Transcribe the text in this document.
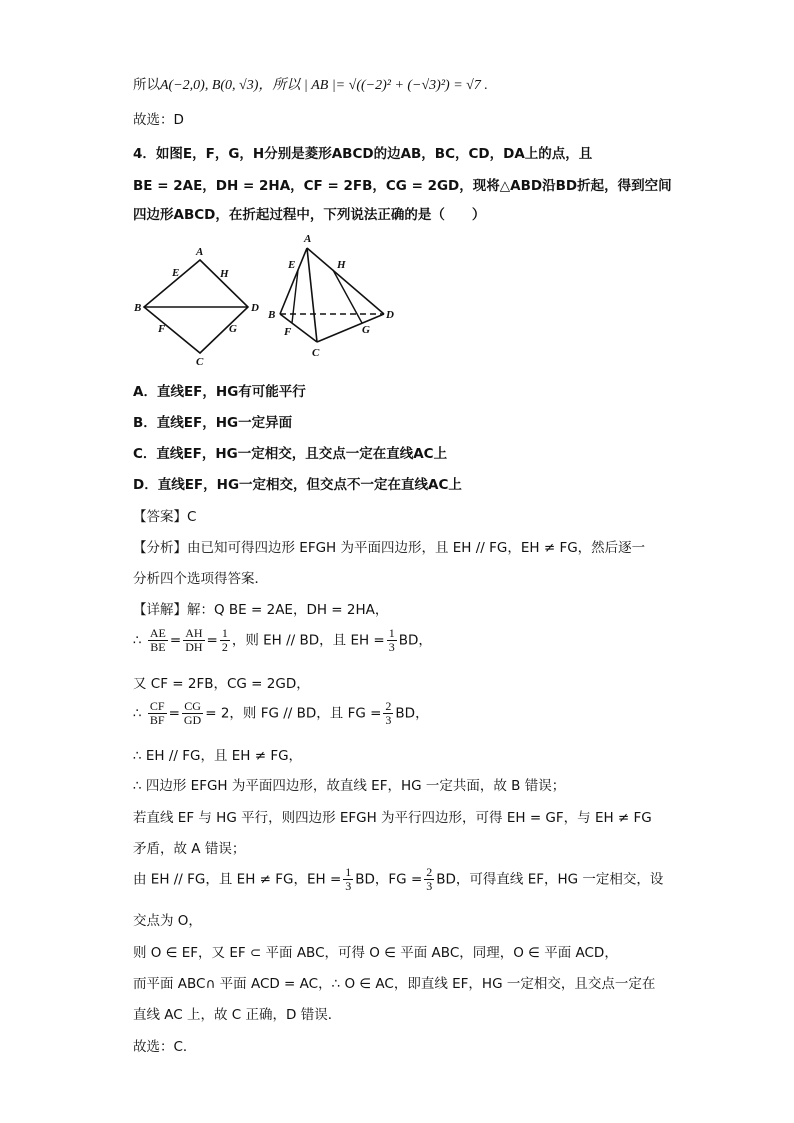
所以A(−2,0), B(0, √3)，所以 | AB |= √((−2)² + (−√3)²) = √7 .
故选：D
4．如图E，F，G，H分别是菱形ABCD的边AB，BC，CD，DA上的点，且
BE = 2AE，DH = 2HA，CF = 2FB，CG = 2GD，现将△ABD沿BD折起，得到空间
四边形ABCD，在折起过程中，下列说法正确的是（　　）
A
B
C
D
E
F	G
H
A
B
C
D
E
F	G
H
A．直线EF，HG有可能平行
B．直线EF，HG一定异面
C．直线EF，HG一定相交，且交点一定在直线AC上
D．直线EF，HG一定相交，但交点不一定在直线AC上
【答案】C
【分析】由已知可得四边形 EFGH 为平面四边形，且 EH // FG，EH ≠ FG，然后逐一
分析四个选项得答案．
【详解】解：Q BE = 2AE，DH = 2HA，
∴ $\frac{AE}{BE} = \frac{AH}{DH} = \frac{1}{2}$ ，则 EH // BD，且 EH = $\frac{1}{3}$ BD，
又 CF = 2FB，CG = 2GD，
∴ $\frac{CF}{BF} = \frac{CG}{GD} = 2$，则 FG // BD，且 FG = $\frac{2}{3}$ BD，
∴ EH // FG，且 EH ≠ FG，
∴ 四边形 EFGH 为平面四边形，故直线 EF，HG 一定共面，故 B 错误；
若直线 EF 与 HG 平行，则四边形 EFGH 为平行四边形，可得 EH = GF，与 EH ≠ FG
矛盾，故 A 错误；
由 EH // FG，且 EH ≠ FG，EH = $\frac{1}{3}$ BD，FG = $\frac{2}{3}$ BD，可得直线 EF，HG 一定相交，设
交点为 O，
则 O ∈ EF，又 EF ⊂ 平面 ABC，可得 O ∈ 平面 ABC，同理，O ∈ 平面 ACD，
而平面 ABC∩ 平面 ACD = AC，∴ O ∈ AC，即直线 EF，HG 一定相交，且交点一定在
直线 AC 上，故 C 正确，D 错误．
故选：C．
